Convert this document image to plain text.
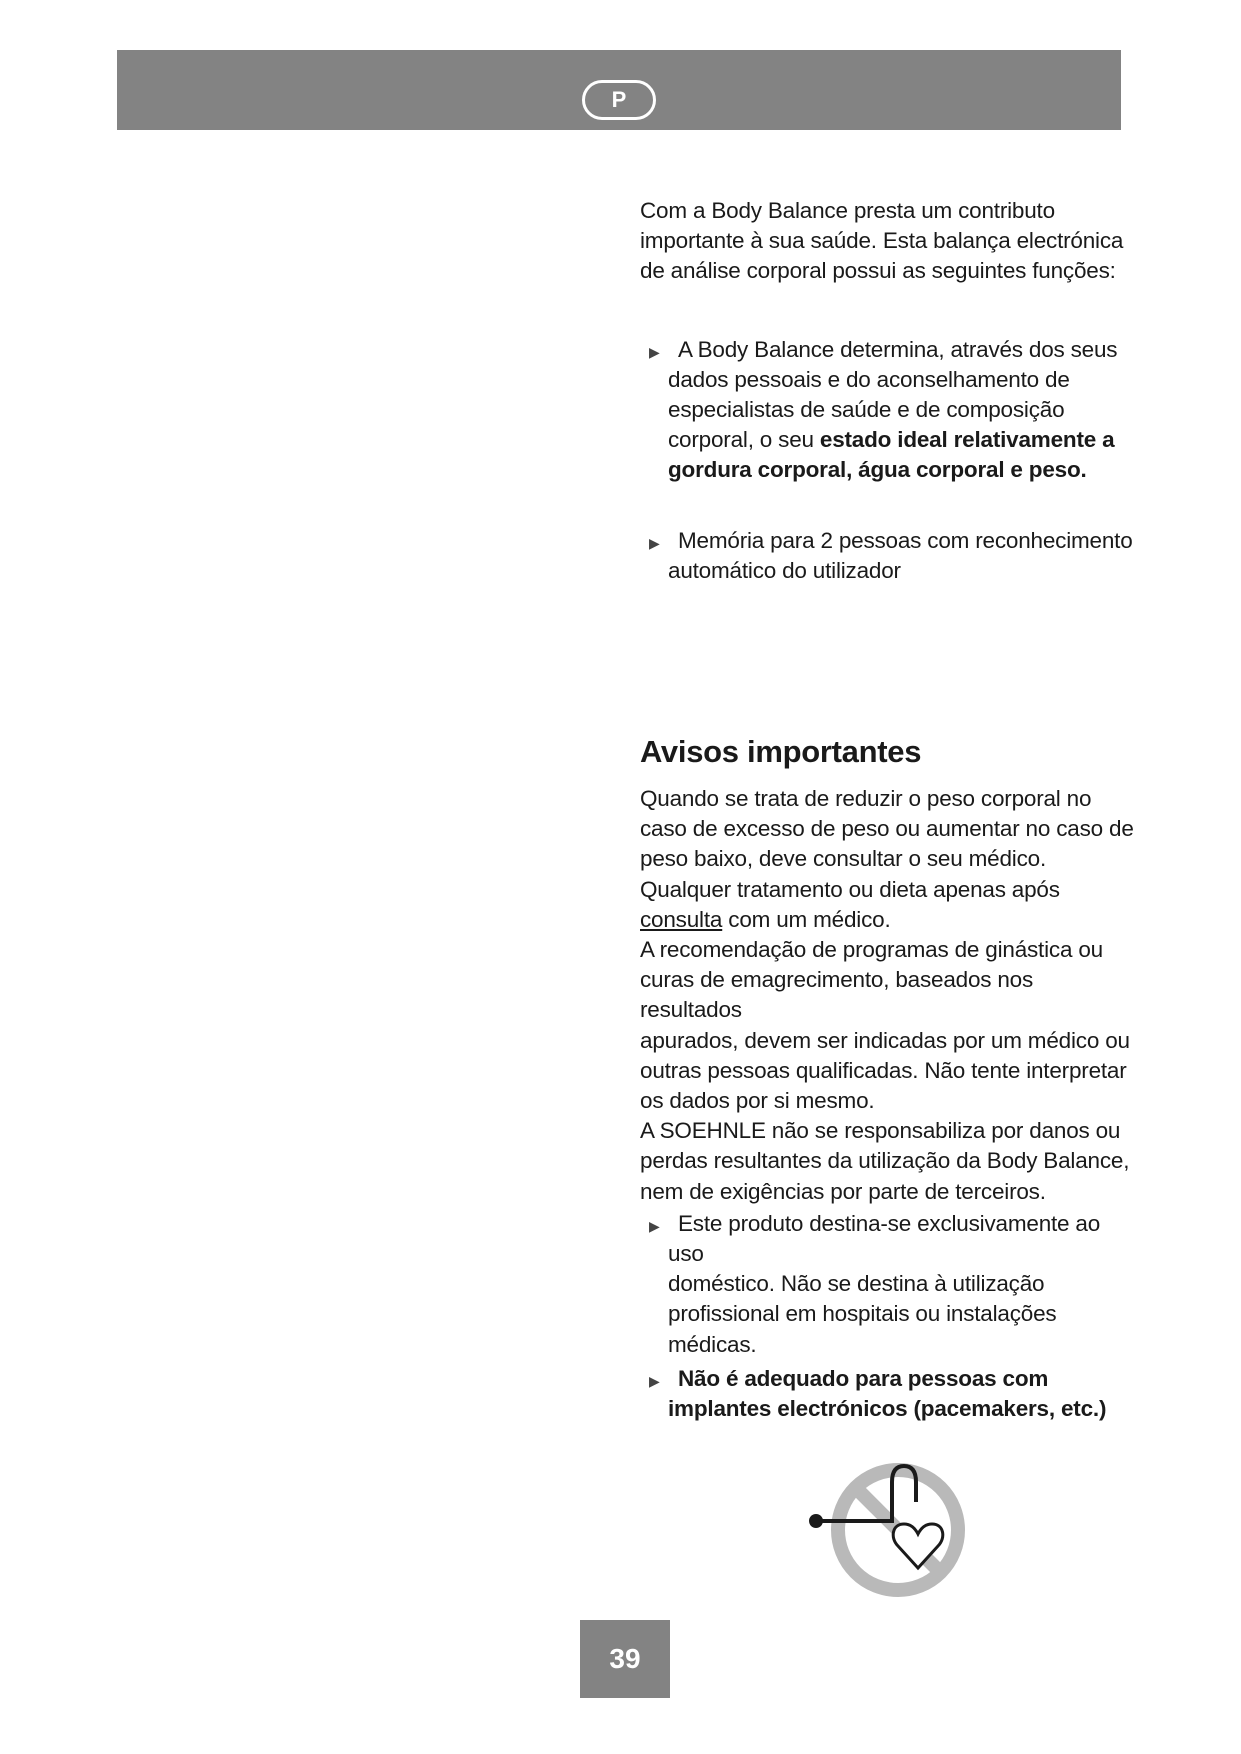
P

Com a Body Balance presta um contributo
importante à sua saúde. Esta balança electrónica
de análise corporal possui as seguintes funções:

▶ A Body Balance determina, através dos seus
dados pessoais e do aconselhamento de
especialistas de saúde e de composição
corporal, o seu estado ideal relativamente a
gordura corporal, água corporal e peso.

▶ Memória para 2 pessoas com reconhecimento
automático do utilizador

Avisos importantes

Quando se trata de reduzir o peso corporal no
caso de excesso de peso ou aumentar no caso de
peso baixo, deve consultar o seu médico.
Qualquer tratamento ou dieta apenas após
consulta com um médico.

A recomendação de programas de ginástica ou
curas de emagrecimento, baseados nos resultados
apurados, devem ser indicadas por um médico ou
outras pessoas qualificadas. Não tente interpretar
os dados por si mesmo.

A SOEHNLE não se responsabiliza por danos ou
perdas resultantes da utilização da Body Balance,
nem de exigências por parte de terceiros.

▶ Este produto destina-se exclusivamente ao uso
doméstico. Não se destina à utilização
profissional em hospitais ou instalações
médicas.

▶ Não é adequado para pessoas com
implantes electrónicos (pacemakers, etc.)

39
